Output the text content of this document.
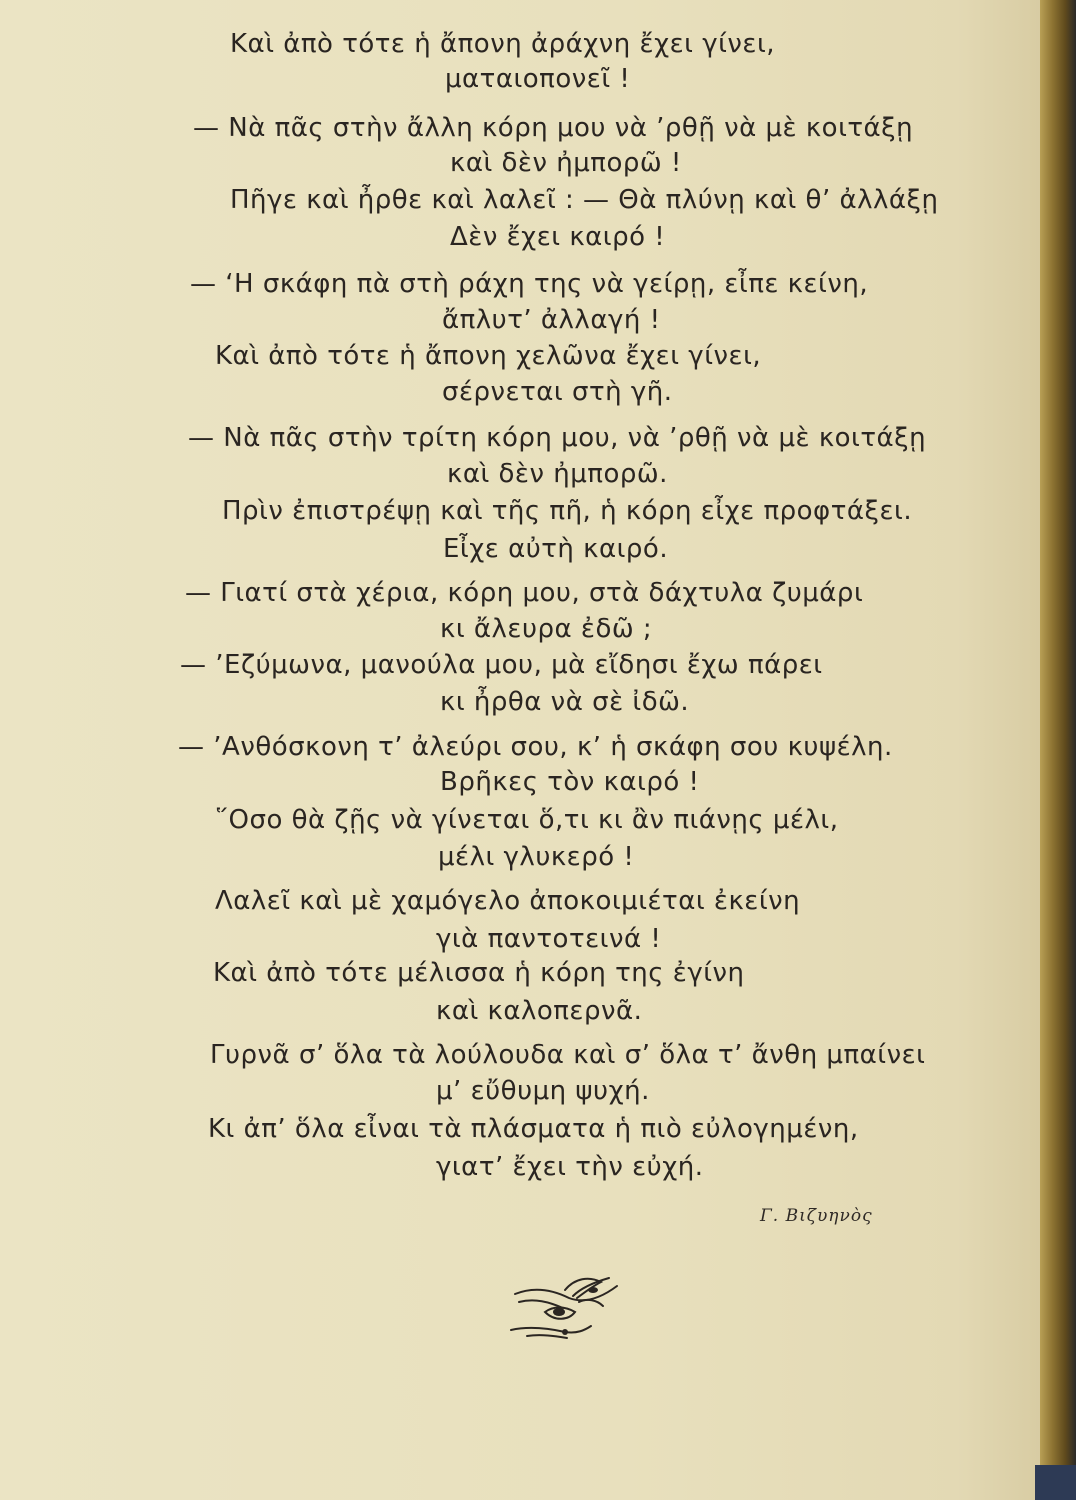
Καὶ ἀπὸ τότε ἡ ἄπονη ἀράχνη ἔχει γίνει,
ματαιοπονεῖ !
— Νὰ πᾶς στὴν ἄλλη κόρη μου νὰ ’ρθῇ νὰ μὲ κοιτάξῃ
καὶ δὲν ἠμπορῶ !
Πῆγε καὶ ἦρθε καὶ λαλεῖ : — Θὰ πλύνῃ καὶ θ’ ἀλλάξῃ
Δὲν ἔχει καιρό !
— ‘Η σκάφη πὰ στὴ ράχη της νὰ γείρῃ, εἶπε κείνη,
ἄπλυτ’ ἀλλαγή !
Καὶ ἀπὸ τότε ἡ ἄπονη χελῶνα ἔχει γίνει,
σέρνεται στὴ γῆ.
— Νὰ πᾶς στὴν τρίτη κόρη μου, νὰ ’ρθῇ νὰ μὲ κοιτάξῃ
καὶ δὲν ἠμπορῶ.
Πρὶν ἐπιστρέψῃ καὶ τῆς πῆ, ἡ κόρη εἶχε προφτάξει.
Εἶχε αὐτὴ καιρό.
— Γιατί στὰ χέρια, κόρη μου, στὰ δάχτυλα ζυμάρι
κι ἄλευρα ἐδῶ ;
— ’Εζύμωνα, μανούλα μου, μὰ εἴδησι ἔχω πάρει
κι ἦρθα νὰ σὲ ἰδῶ.
— ’Ανθόσκονη τ’ ἀλεύρι σου, κ’ ἡ σκάφη σου κυψέλη.
Βρῆκες τὸν καιρό !
῞Οσο θὰ ζῇς νὰ γίνεται ὅ,τι κι ἂν πιάνῃς μέλι,
μέλι γλυκερό !
Λαλεῖ καὶ μὲ χαμόγελο ἀποκοιμιέται ἐκείνη
γιὰ παντοτεινά !
Καὶ ἀπὸ τότε μέλισσα ἡ κόρη της ἐγίνη
καὶ καλοπερνᾶ.
Γυρνᾶ σ’ ὅλα τὰ λούλουδα καὶ σ’ ὅλα τ’ ἄνθη μπαίνει
μ’ εὔθυμη ψυχή.
Κι ἀπ’ ὅλα εἶναι τὰ πλάσματα ἡ πιὸ εὐλογημένη,
γιατ’ ἔχει τὴν εὐχή.
Γ. Βιζυηνὸς
